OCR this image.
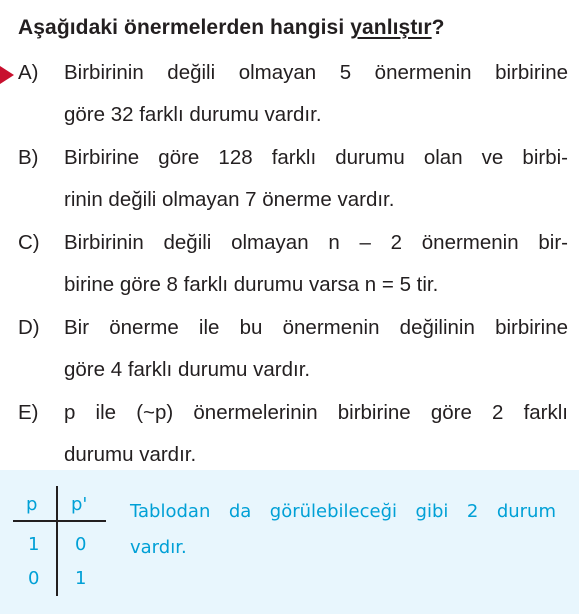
Aşağıdaki önermelerden hangisi yanlıştır?
A) Birbirinin değili olmayan 5 önermenin birbirine
göre 32 farklı durumu vardır.
B) Birbirine göre 128 farklı durumu olan ve birbi-
rinin değili olmayan 7 önerme vardır.
C) Birbirinin değili olmayan n – 2 önermenin bir-
birine göre 8 farklı durumu varsa n = 5 tir.
D) Bir önerme ile bu önermenin değilinin birbirine
göre 4 farklı durumu vardır.
E) p ile (~p) önermelerinin birbirine göre 2 farklı
durumu vardır.
p p'
1 0
0 1
Tablodan da görülebileceği gibi 2 durum
vardır.
